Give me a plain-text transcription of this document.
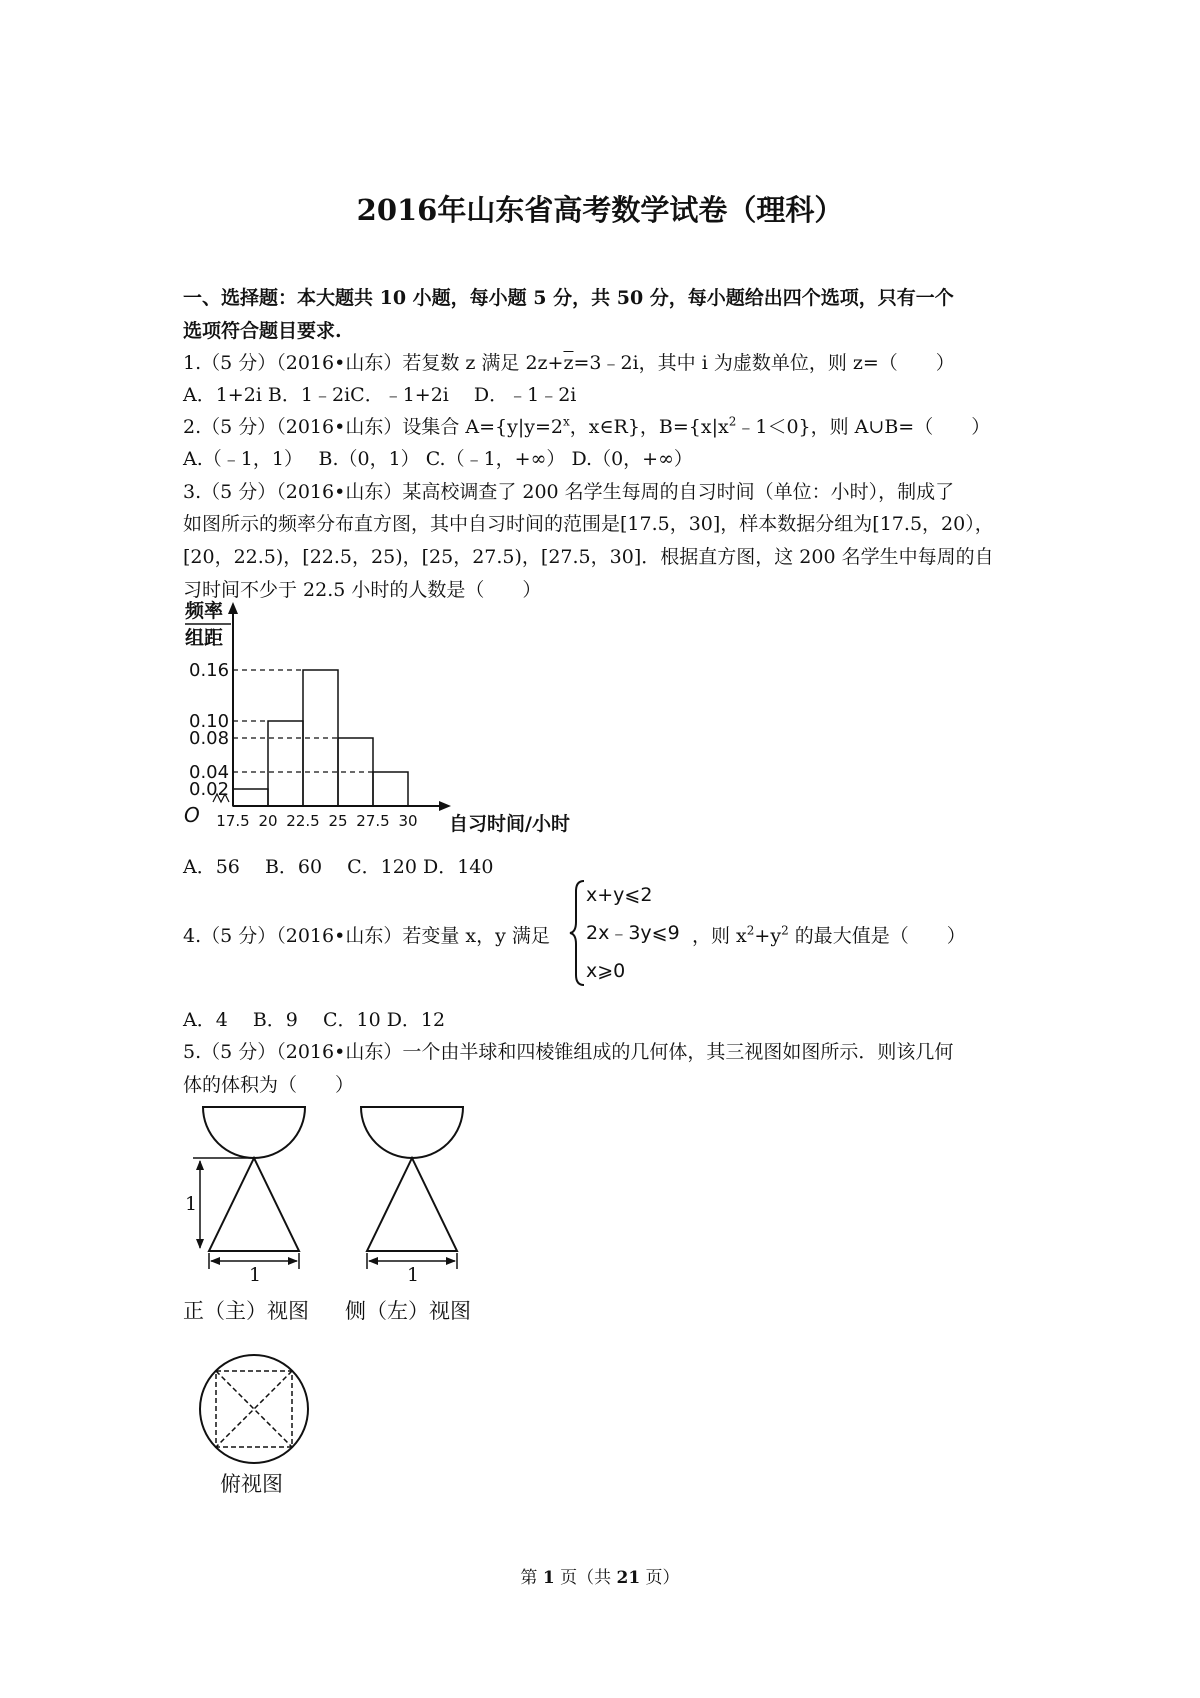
2016年山东省高考数学试卷（理科）
一、选择题：本大题共 10 小题，每小题 5 分，共 50 分，每小题给出四个选项，只有一个
选项符合题目要求.
1.（5 分）（2016•山东）若复数 z 满足 $2z+\overline{z}=3﹣2i$，其中 i 为虚数单位，则 z=（　　）
A．1+2i B．1﹣2iC．﹣1+2i　 D．﹣1﹣2i
2.（5 分）（2016•山东）设集合 $A=\{y|y=2^x$，x∈R}，$B=\{x|x^2﹣1<0\}$，则 A∪B=（　　）
A.（﹣1，1）　 B.（0，1） C.（﹣1，+∞） D.（0，+∞）
3.（5 分）（2016•山东）某高校调查了 200 名学生每周的自习时间（单位：小时），制成了
如图所示的频率分布直方图，其中自习时间的范围是[17.5，30]，样本数据分组为[17.5，20），
[20，22.5)，[22.5，25)，[25，27.5)，[27.5，30]．根据直方图，这 200 名学生中每周的自
习时间不少于 22.5 小时的人数是（　　）
频率
组距
0.16
0.10
0.08
0.04
0.02
17.5 20 22.5 25 27.5 30
O	自习时间/小时
A．56 　B．60 　C．120 D．140
4.（5 分）（2016•山东）若变量 x，y 满足
x+y⩽2
2x﹣3y⩽9
x⩾0
，则 $x^2+y^2$ 的最大值是（　　）
A．4 　B．9 　C．10 D．12
5.（5 分）（2016•山东）一个由半球和四棱锥组成的几何体，其三视图如图所示．则该几何
体的体积为（　　）
1
1	1
正（主）视图 侧（左）视图
俯视图
第 1 页（共 21 页）
